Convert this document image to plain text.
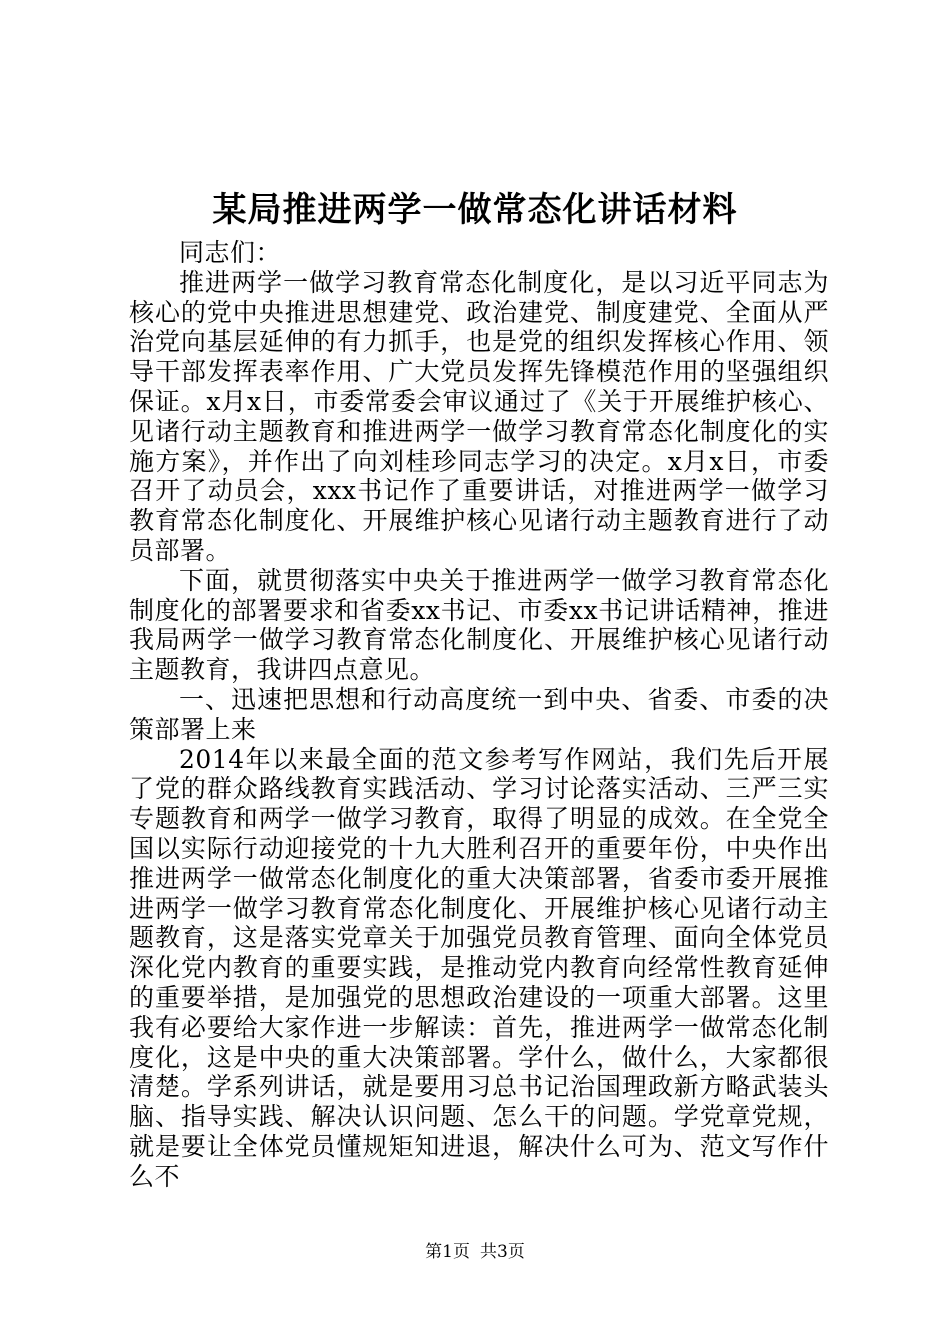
某局推进两学一做常态化讲话材料

同志们：

推进两学一做学习教育常态化制度化，是以习近平同志为核心的党中央推进思想建党、政治建党、制度建党、全面从严治党向基层延伸的有力抓手，也是党的组织发挥核心作用、领导干部发挥表率作用、广大党员发挥先锋模范作用的坚强组织保证。x月x日，市委常委会审议通过了《关于开展维护核心、见诸行动主题教育和推进两学一做学习教育常态化制度化的实施方案》，并作出了向刘桂珍同志学习的决定。x月x日，市委召开了动员会，xxx书记作了重要讲话，对推进两学一做学习教育常态化制度化、开展维护核心见诸行动主题教育进行了动员部署。

下面，就贯彻落实中央关于推进两学一做学习教育常态化制度化的部署要求和省委xx书记、市委xx书记讲话精神，推进我局两学一做学习教育常态化制度化、开展维护核心见诸行动主题教育，我讲四点意见。

一、迅速把思想和行动高度统一到中央、省委、市委的决策部署上来

2014年以来最全面的范文参考写作网站，我们先后开展了党的群众路线教育实践活动、学习讨论落实活动、三严三实专题教育和两学一做学习教育，取得了明显的成效。在全党全国以实际行动迎接党的十九大胜利召开的重要年份，中央作出推进两学一做常态化制度化的重大决策部署，省委市委开展推进两学一做学习教育常态化制度化、开展维护核心见诸行动主题教育，这是落实党章关于加强党员教育管理、面向全体党员深化党内教育的重要实践，是推动党内教育向经常性教育延伸的重要举措，是加强党的思想政治建设的一项重大部署。这里我有必要给大家作进一步解读：首先，推进两学一做常态化制度化，这是中央的重大决策部署。学什么，做什么，大家都很清楚。学系列讲话，就是要用习总书记治国理政新方略武装头脑、指导实践、解决认识问题、怎么干的问题。学党章党规，就是要让全体党员懂规矩知进退，解决什么可为、范文写作什么不

第1页 共3页
